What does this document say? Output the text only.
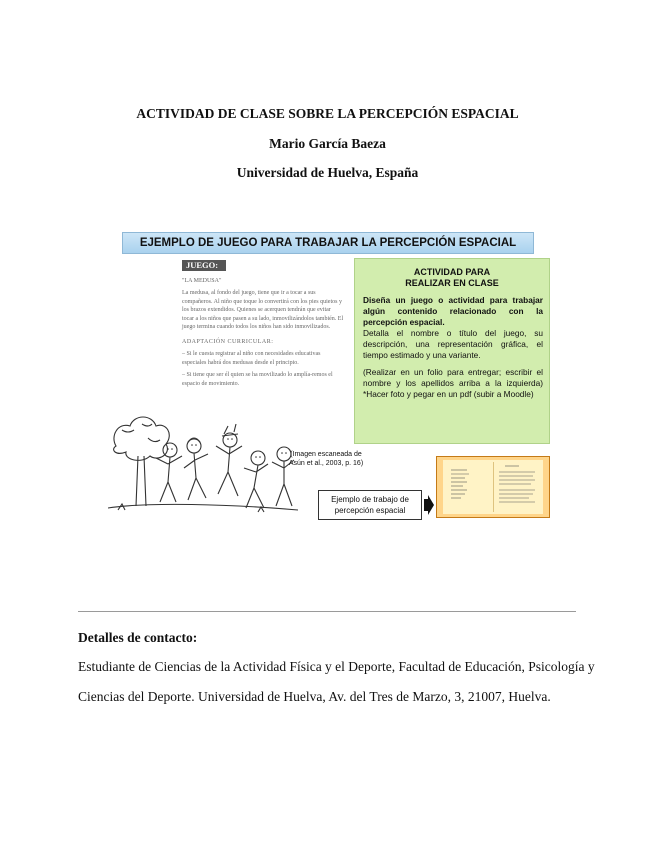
ACTIVIDAD DE CLASE SOBRE LA PERCEPCIÓN ESPACIAL
Mario García Baeza
Universidad de Huelva, España
EJEMPLO DE JUEGO PARA TRABAJAR LA PERCEPCIÓN ESPACIAL
JUEGO:

"LA MEDUSA"

La medusa, al fondo del juego, tiene que ir a tocar a sus compañeros. Al niño que toque lo convertirá con los pies quietos y los brazos extendidos. Quienes se acerquen tendrán que evitar tocar a los niños que pasen a su lado, inmovilizándolos también. El juego termina cuando todos los niños han sido inmovilizados.

ADAPTACIÓN CURRICULAR:

– Si le cuesta registrar al niño con necesidades educativas especiales habrá dos medusas desde el principio.

– Si tiene que ser él quien se ha movilizado lo amplía-remos el espacio de movimiento.

ACTIVIDAD PARA
REALIZAR EN CLASE
Diseña un juego o actividad para trabajar algún contenido relacionado con la percepción espacial.
Detalla el nombre o título del juego, su descripción, una representación gráfica, el tiempo estimado y una variante.
(Realizar en un folio para entregar; escribir el nombre y los apellidos arriba a la izquierda) *Hacer foto y pegar en un pdf (subir a Moodle)
(Imagen escaneada de Asún et al., 2003, p. 16)
Ejemplo de trabajo de percepción espacial
Detalles de contacto:
Estudiante de Ciencias de la Actividad Física y el Deporte, Facultad de Educación, Psicología y
Ciencias del Deporte. Universidad de Huelva, Av. del Tres de Marzo, 3, 21007, Huelva.
